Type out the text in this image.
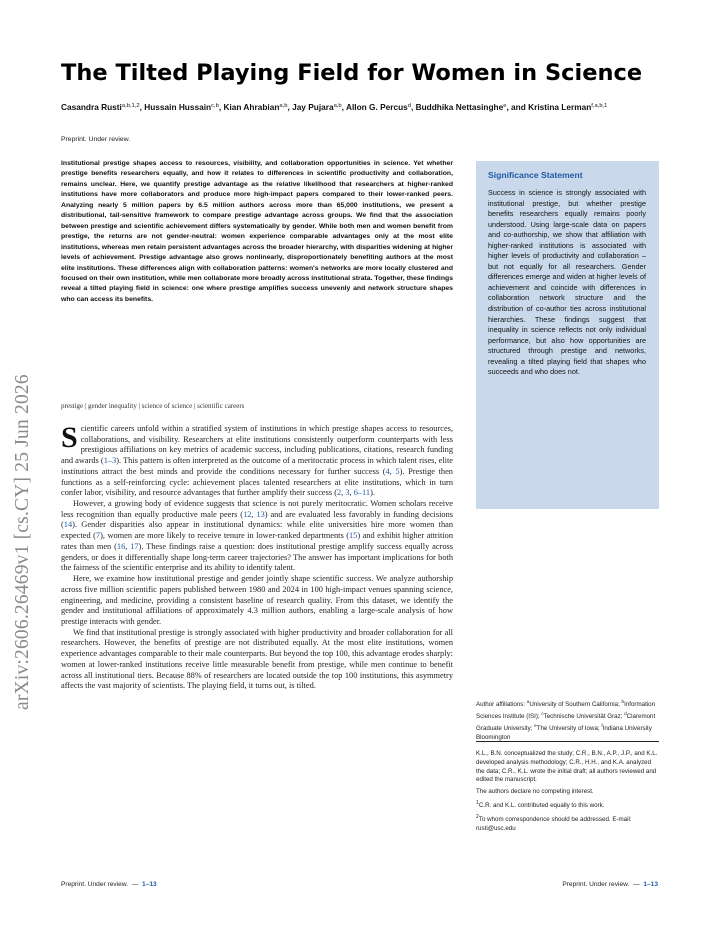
arXiv:2606.26469v1 [cs.CY] 25 Jun 2026
The Tilted Playing Field for Women in Science
Casandra Rusti$^{a,b,1,2}$, Hussain Hussain$^{c,b}$, Kian Ahrabian$^{a,b}$, Jay Pujara$^{a,b}$, Allon G. Percus$^d$, Buddhika Nettasinghe$^e$, and Kristina Lerman$^{f,a,b,1}$
Preprint. Under review.
Institutional prestige shapes access to resources, visibility, and collaboration opportunities in science. Yet whether prestige benefits researchers equally, and how it relates to differences in scientific productivity and collaboration, remains unclear. Here, we quantify prestige advantage as the relative likelihood that researchers at higher-ranked institutions have more collaborators and produce more high-impact papers compared to their lower-ranked peers. Analyzing nearly 5 million papers by 6.5 million authors across more than 65,000 institutions, we present a distributional, tail-sensitive framework to compare prestige advantage across groups. We find that the association between prestige and scientific achievement differs systematically by gender. While both men and women benefit from prestige, the returns are not gender-neutral: women experience comparable advantages only at the most elite institutions, whereas men retain persistent advantages across the broader hierarchy, with disparities widening at higher levels of achievement. Prestige advantage also grows nonlinearly, disproportionately benefiting authors at the most elite institutions. These differences align with collaboration patterns: women's networks are more locally clustered and focused on their own institution, while men collaborate more broadly across institutional strata. Together, these findings reveal a tilted playing field in science: one where prestige amplifies success unevenly and network structure shapes who can access its benefits.
Significance Statement
Success in science is strongly associated with institutional prestige, but whether prestige benefits researchers equally remains poorly understood. Using large-scale data on papers and co-authorship, we show that affiliation with higher-ranked institutions is associated with higher levels of productivity and collaboration – but not equally for all researchers. Gender differences emerge and widen at higher levels of achievement and coincide with differences in collaboration network structure and the distribution of co-author ties across institutional hierarchies. These findings suggest that inequality in science reflects not only individual performance, but also how opportunities are structured through prestige and networks, revealing a tilted playing field that shapes who succeeds and who does not.
prestige | gender inequality | science of science | scientific careers

Scientific careers unfold within a stratified system of institutions in which prestige shapes access to resources, collaborations, and visibility. Researchers at elite institutions consistently outperform counterparts with less prestigious affiliations on key metrics of academic success, including publications, citations, research funding and awards (1–3). This pattern is often interpreted as the outcome of a meritocratic process in which talent rises, elite institutions attract the best minds and provide the conditions necessary for further success (4, 5). Prestige then functions as a self-reinforcing cycle: achievement places talented researchers at elite institutions, which in turn confer labor, visibility, and resource advantages that further amplify their success (2, 3, 6–11).

However, a growing body of evidence suggests that science is not purely meritocratic. Women scholars receive less recognition than equally productive male peers (12, 13) and are evaluated less favorably in funding decisions (14). Gender disparities also appear in institutional dynamics: while elite universities hire more women than expected (7), women are more likely to receive tenure in lower-ranked departments (15) and exhibit higher attrition rates than men (16, 17). These findings raise a question: does institutional prestige amplify success equally across genders, or does it differentially shape long-term career trajectories? The answer has important implications for both the fairness of the scientific enterprise and its ability to identify talent.

Here, we examine how institutional prestige and gender jointly shape scientific success. We analyze authorship across five million scientific papers published between 1980 and 2024 in 100 high-impact venues spanning science, engineering, and medicine, providing a consistent baseline of research quality. From this dataset, we identify the gender and institutional affiliations of approximately 4.3 million authors, enabling a large-scale analysis of how prestige interacts with gender.

We find that institutional prestige is strongly associated with higher productivity and broader collaboration for all researchers. However, the benefits of prestige are not distributed equally. At the most elite institutions, women experience advantages comparable to their male counterparts. But beyond the top 100, this advantage erodes sharply: women at lower-ranked institutions receive little measurable benefit from prestige, while men continue to benefit across all institutional tiers. Because 88% of researchers are located outside the top 100 institutions, this asymmetry affects the vast majority of scientists. The playing field, it turns out, is tilted.

Author affiliations: $^a$University of Southern California; $^b$Information Sciences Institute (ISI); $^c$Technische Universität Graz; $^d$Claremont Graduate University; $^e$The University of Iowa; $^f$Indiana University Bloomington

K.L., B.N. conceptualized the study; C.R., B.N., A.P., J.P., and K.L. developed analysis methodology; C.R., H.H., and K.A. analyzed the data; C.R., K.L. wrote the initial draft; all authors reviewed and edited the manuscript.

The authors declare no competing interest.

$^1$C.R. and K.L. contributed equally to this work.

$^2$To whom correspondence should be addressed. E-mail: rusti@usc.edu

Preprint. Under review. — 1–13	Preprint. Under review. — 1–13
